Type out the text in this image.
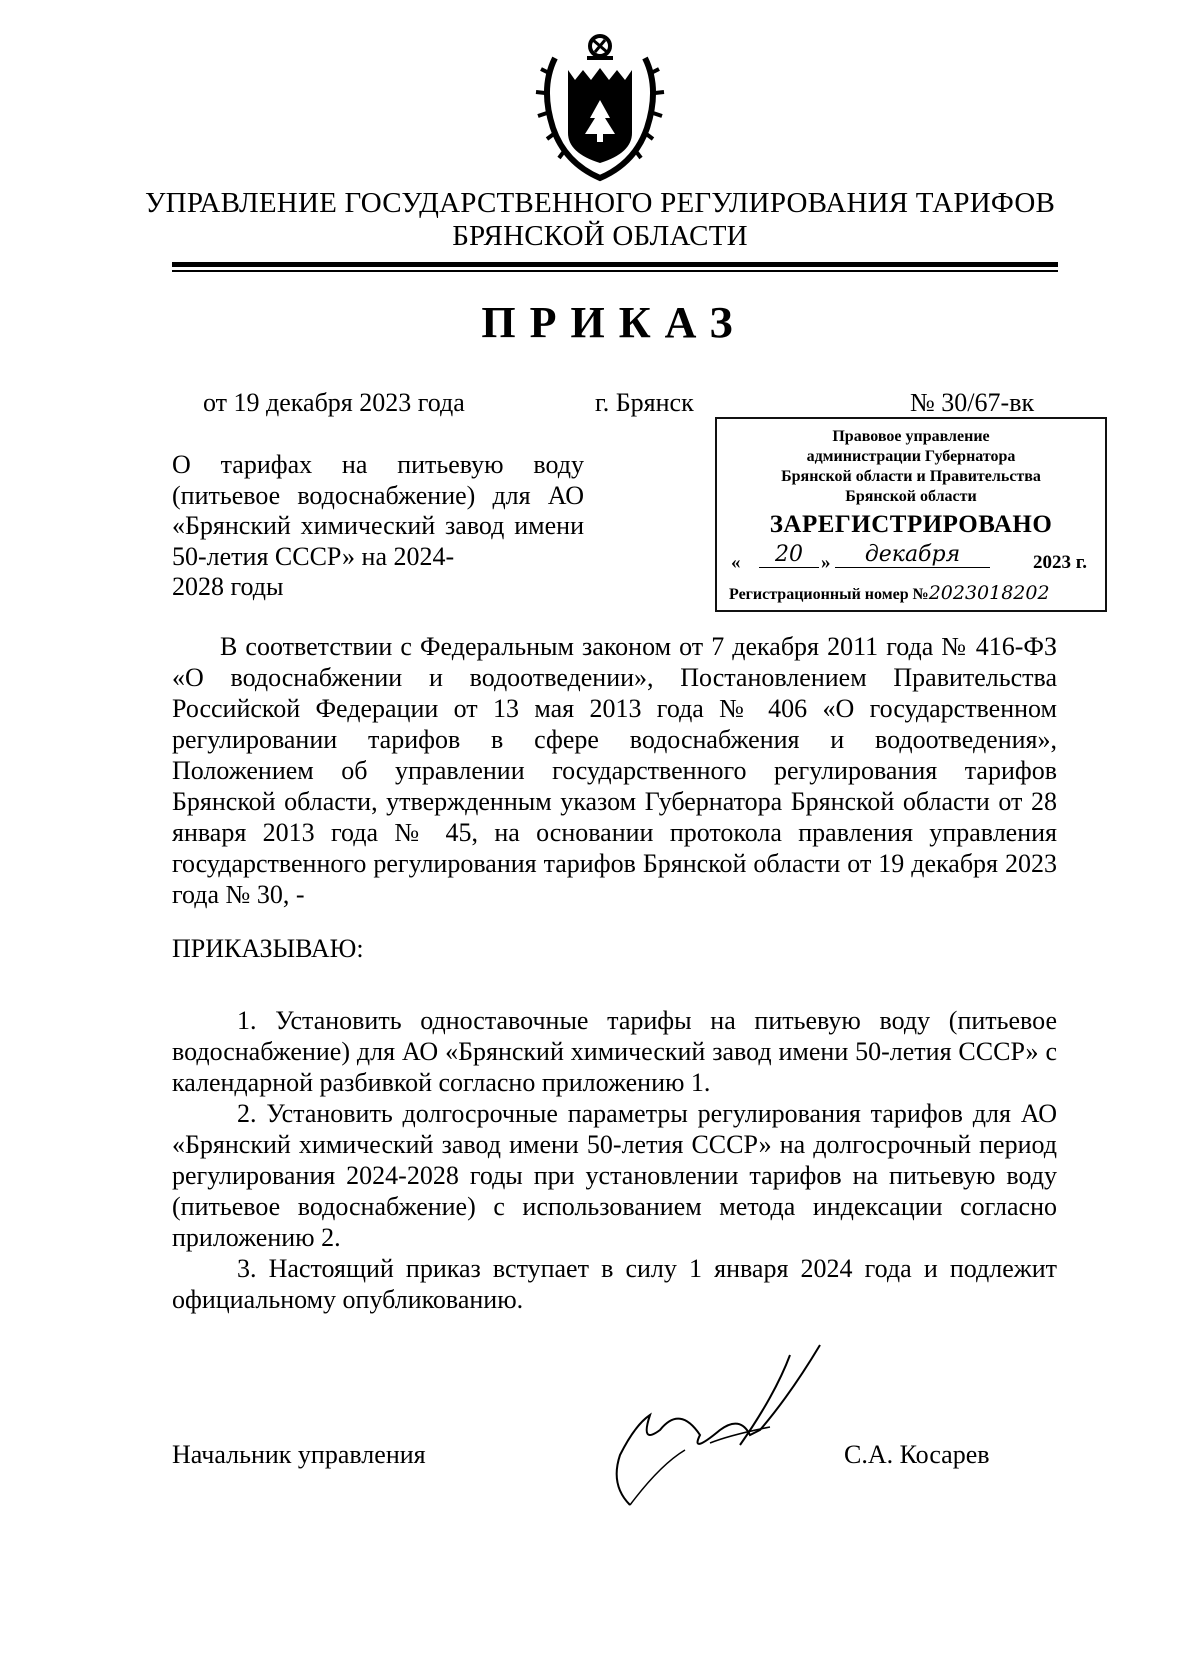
УПРАВЛЕНИЕ ГОСУДАРСТВЕННОГО РЕГУЛИРОВАНИЯ ТАРИФОВ
БРЯНСКОЙ ОБЛАСТИ
ПРИКАЗ
от 19 декабря 2023 года	г. Брянск	№ 30/67-вк
Правовое управление
администрации Губернатора
Брянской области и Правительства
Брянской области
ЗАРЕГИСТРИРОВАНО
«	20 »	декабря	2023 г.
Регистрационный номер №2023018202
О тарифах на питьевую воду (питьевое водоснабжение) для АО «Брянский химический завод имени 50-летия СССР» на 2024-
2028 годы
В соответствии с Федеральным законом от 7 декабря 2011 года № 416-ФЗ «О водоснабжении и водоотведении», Постановлением Правительства Российской Федерации от 13 мая 2013 года № 406 «О государственном регулировании тарифов в сфере водоснабжения и водоотведения», Положением об управлении государственного регулирования тарифов Брянской области, утвержденным указом Губернатора Брянской области от 28 января 2013 года № 45, на основании протокола правления управления государственного регулирования тарифов Брянской области от 19 декабря 2023 года № 30, -
ПРИКАЗЫВАЮ:
1. Установить одноставочные тарифы на питьевую воду (питьевое водоснабжение) для АО «Брянский химический завод имени 50-летия СССР» с календарной разбивкой согласно приложению 1.
2. Установить долгосрочные параметры регулирования тарифов для АО «Брянский химический завод имени 50-летия СССР» на долгосрочный период регулирования 2024-2028 годы при установлении тарифов на питьевую воду (питьевое водоснабжение) с использованием метода индексации согласно приложению 2.
3. Настоящий приказ вступает в силу 1 января 2024 года и подлежит официальному опубликованию.
Начальник управления	С.А. Косарев
